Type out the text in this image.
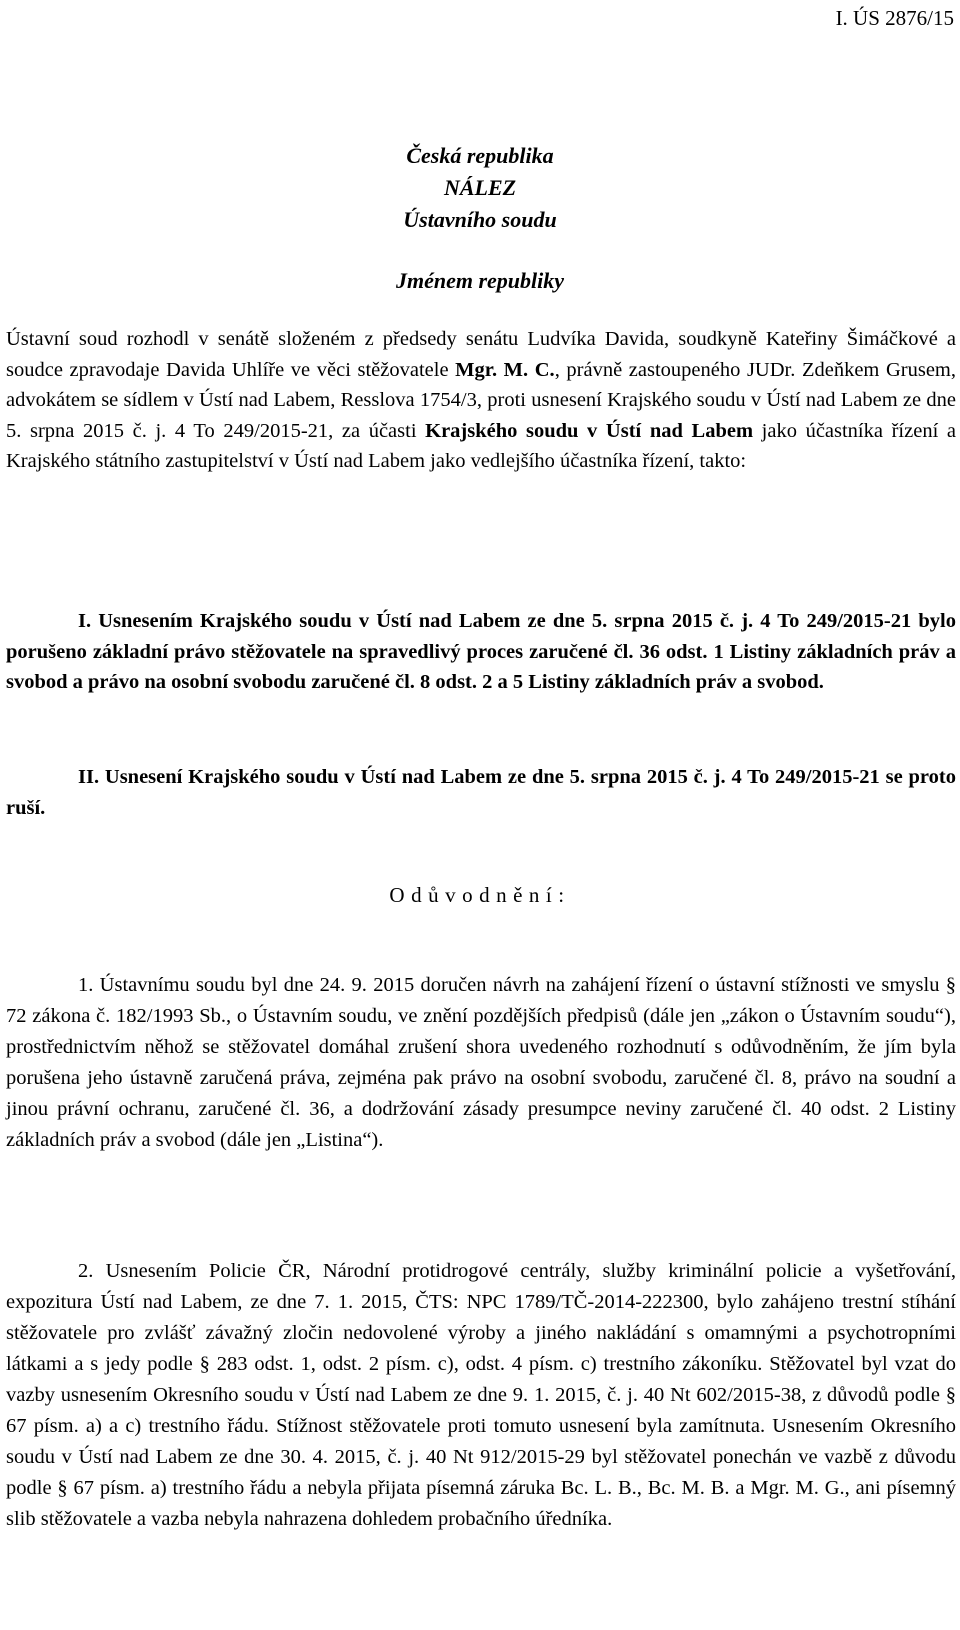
I. ÚS 2876/15
Česká republika
NÁLEZ
Ústavního soudu
Jménem republiky
Ústavní soud rozhodl v senátě složeném z předsedy senátu Ludvíka Davida, soudkyně Kateřiny Šimáčkové a soudce zpravodaje Davida Uhlíře ve věci stěžovatele Mgr. M. C., právně zastoupeného JUDr. Zdeňkem Grusem, advokátem se sídlem v Ústí nad Labem, Resslova 1754/3, proti usnesení Krajského soudu v Ústí nad Labem ze dne 5. srpna 2015 č. j. 4 To 249/2015-21, za účasti Krajského soudu v Ústí nad Labem jako účastníka řízení a Krajského státního zastupitelství v Ústí nad Labem jako vedlejšího účastníka řízení, takto:
I. Usnesením Krajského soudu v Ústí nad Labem ze dne 5. srpna 2015 č. j. 4 To 249/2015-21 bylo porušeno základní právo stěžovatele na spravedlivý proces zaručené čl. 36 odst. 1 Listiny základních práv a svobod a právo na osobní svobodu zaručené čl. 8 odst. 2 a 5 Listiny základních práv a svobod.
II. Usnesení Krajského soudu v Ústí nad Labem ze dne 5. srpna 2015 č. j. 4 To 249/2015-21 se proto ruší.
Odůvodnění:
1. Ústavnímu soudu byl dne 24. 9. 2015 doručen návrh na zahájení řízení o ústavní stížnosti ve smyslu § 72 zákona č. 182/1993 Sb., o Ústavním soudu, ve znění pozdějších předpisů (dále jen „zákon o Ústavním soudu“), prostřednictvím něhož se stěžovatel domáhal zrušení shora uvedeného rozhodnutí s odůvodněním, že jím byla porušena jeho ústavně zaručená práva, zejména pak právo na osobní svobodu, zaručené čl. 8, právo na soudní a jinou právní ochranu, zaručené čl. 36, a dodržování zásady presumpce neviny zaručené čl. 40 odst. 2 Listiny základních práv a svobod (dále jen „Listina“).
2. Usnesením Policie ČR, Národní protidrogové centrály, služby kriminální policie a vyšetřování, expozitura Ústí nad Labem, ze dne 7. 1. 2015, ČTS: NPC 1789/TČ-2014-222300, bylo zahájeno trestní stíhání stěžovatele pro zvlášť závažný zločin nedovolené výroby a jiného nakládání s omamnými a psychotropními látkami a s jedy podle § 283 odst. 1, odst. 2 písm. c), odst. 4 písm. c) trestního zákoníku. Stěžovatel byl vzat do vazby usnesením Okresního soudu v Ústí nad Labem ze dne 9. 1. 2015, č. j. 40 Nt 602/2015-38, z důvodů podle § 67 písm. a) a c) trestního řádu. Stížnost stěžovatele proti tomuto usnesení byla zamítnuta. Usnesením Okresního soudu v Ústí nad Labem ze dne 30. 4. 2015, č. j. 40 Nt 912/2015-29 byl stěžovatel ponechán ve vazbě z důvodu podle § 67 písm. a) trestního řádu a nebyla přijata písemná záruka Bc. L. B., Bc. M. B. a Mgr. M. G., ani písemný slib stěžovatele a vazba nebyla nahrazena dohledem probačního úředníka.
